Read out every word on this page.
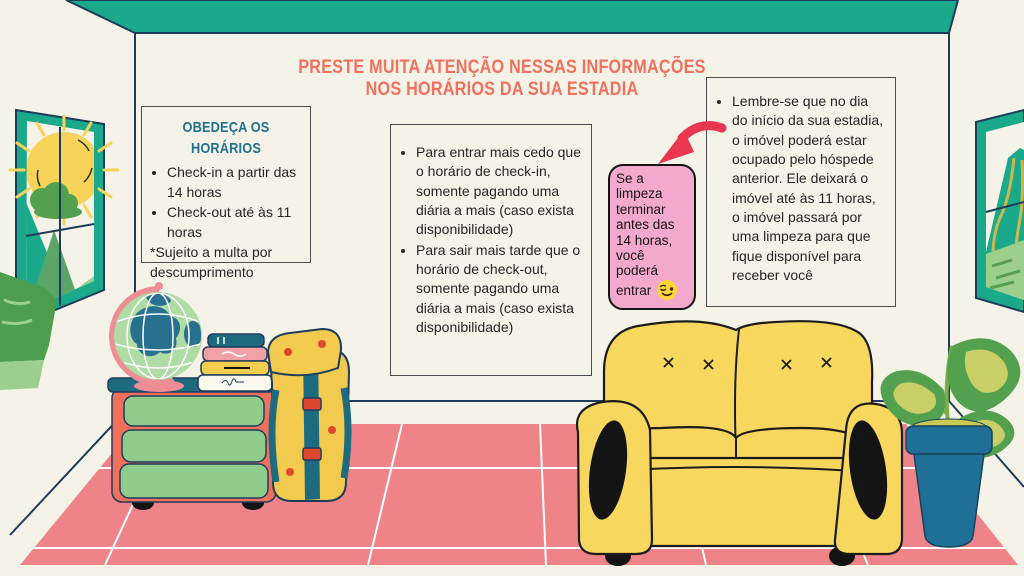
PRESTE MUITA ATENÇÃO NESSAS INFORMAÇÕES
NOS HORÁRIOS DA SUA ESTADIA
OBEDEÇA OS HORÁRIOS
• Check-in a partir das 14 horas
• Check-out até às 11 horas
*Sujeito a multa por descumprimento
• Para entrar mais cedo que o horário de check-in, somente pagando uma diária a mais (caso exista disponibilidade)
• Para sair mais tarde que o horário de check-out, somente pagando uma diária a mais (caso exista disponibilidade)
• Lembre-se que no dia do início da sua estadia, o imóvel poderá estar ocupado pelo hóspede anterior. Ele deixará o imóvel até às 11 horas, o imóvel passará por uma limpeza para que fique disponível para receber você
Se a limpeza terminar antes das 14 horas, você poderá entrar
